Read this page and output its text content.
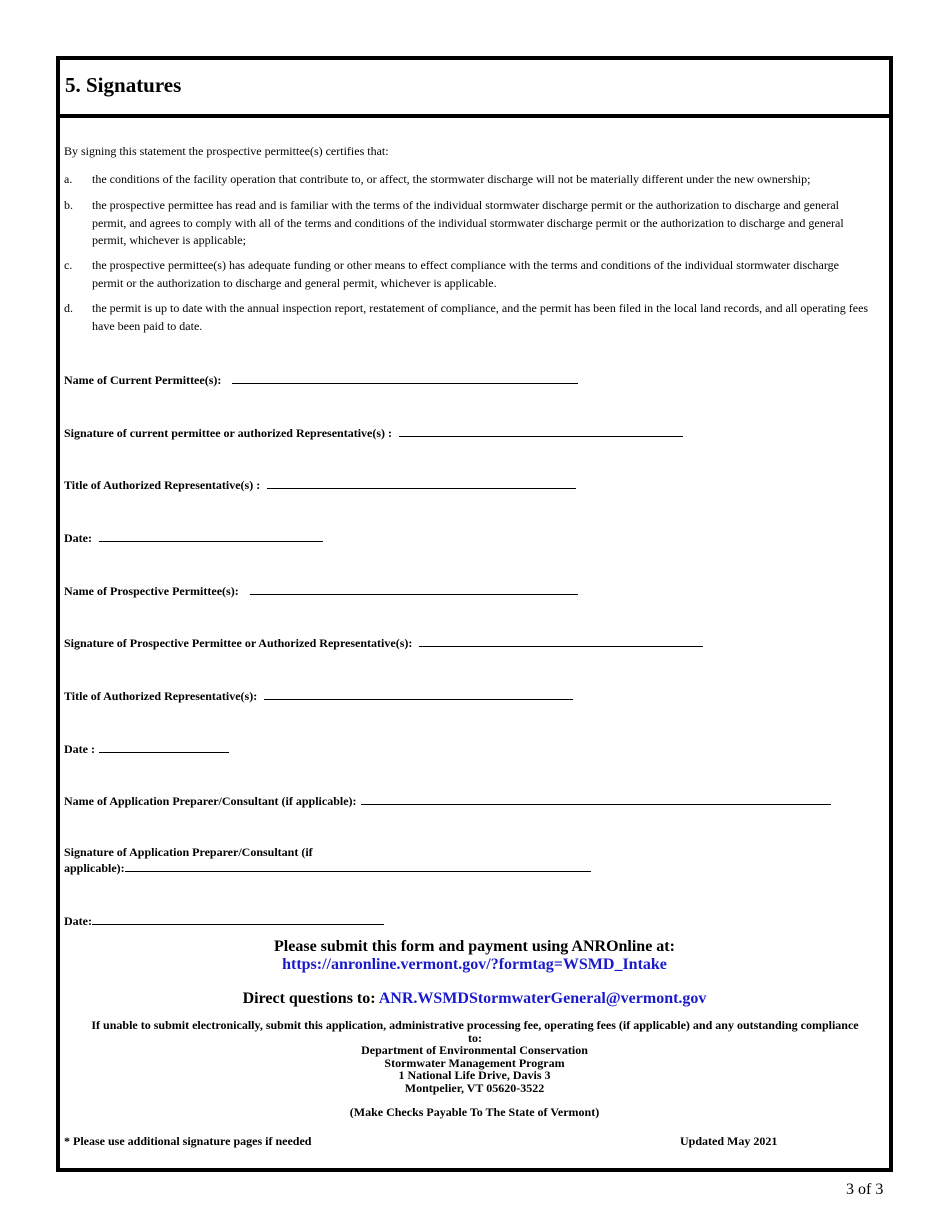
5. Signatures
By signing this statement the prospective permittee(s) certifies that:
a. the conditions of the facility operation that contribute to, or affect, the stormwater discharge will not be materially different under the new ownership;
b. the prospective permittee has read and is familiar with the terms of the individual stormwater discharge permit or the authorization to discharge and general permit, and agrees to comply with all of the terms and conditions of the individual stormwater discharge permit or the authorization to discharge and general permit, whichever is applicable;
c. the prospective permittee(s) has adequate funding or other means to effect compliance with the terms and conditions of the individual stormwater discharge permit or the authorization to discharge and general permit, whichever is applicable.
d. the permit is up to date with the annual inspection report, restatement of compliance, and the permit has been filed in the local land records, and all operating fees have been paid to date.
Name of Current Permittee(s):
Signature of current permittee or authorized Representative(s) :
Title of Authorized Representative(s) :
Date:
Name of Prospective Permittee(s):
Signature of Prospective Permittee or Authorized Representative(s):
Title of Authorized Representative(s):
Date :
Name of Application Preparer/Consultant (if applicable):
Signature of Application Preparer/Consultant (if
applicable):
Date:
Please submit this form and payment using ANROnline at:
https://anronline.vermont.gov/?formtag=WSMD_Intake
Direct questions to: ANR.WSMDStormwaterGeneral@vermont.gov
If unable to submit electronically, submit this application, administrative processing fee, operating fees (if applicable) and any outstanding compliance to:
Department of Environmental Conservation
Stormwater Management Program
1 National Life Drive, Davis 3
Montpelier, VT 05620-3522
(Make Checks Payable To The State of Vermont)
* Please use additional signature pages if needed	Updated May 2021
3 of 3
